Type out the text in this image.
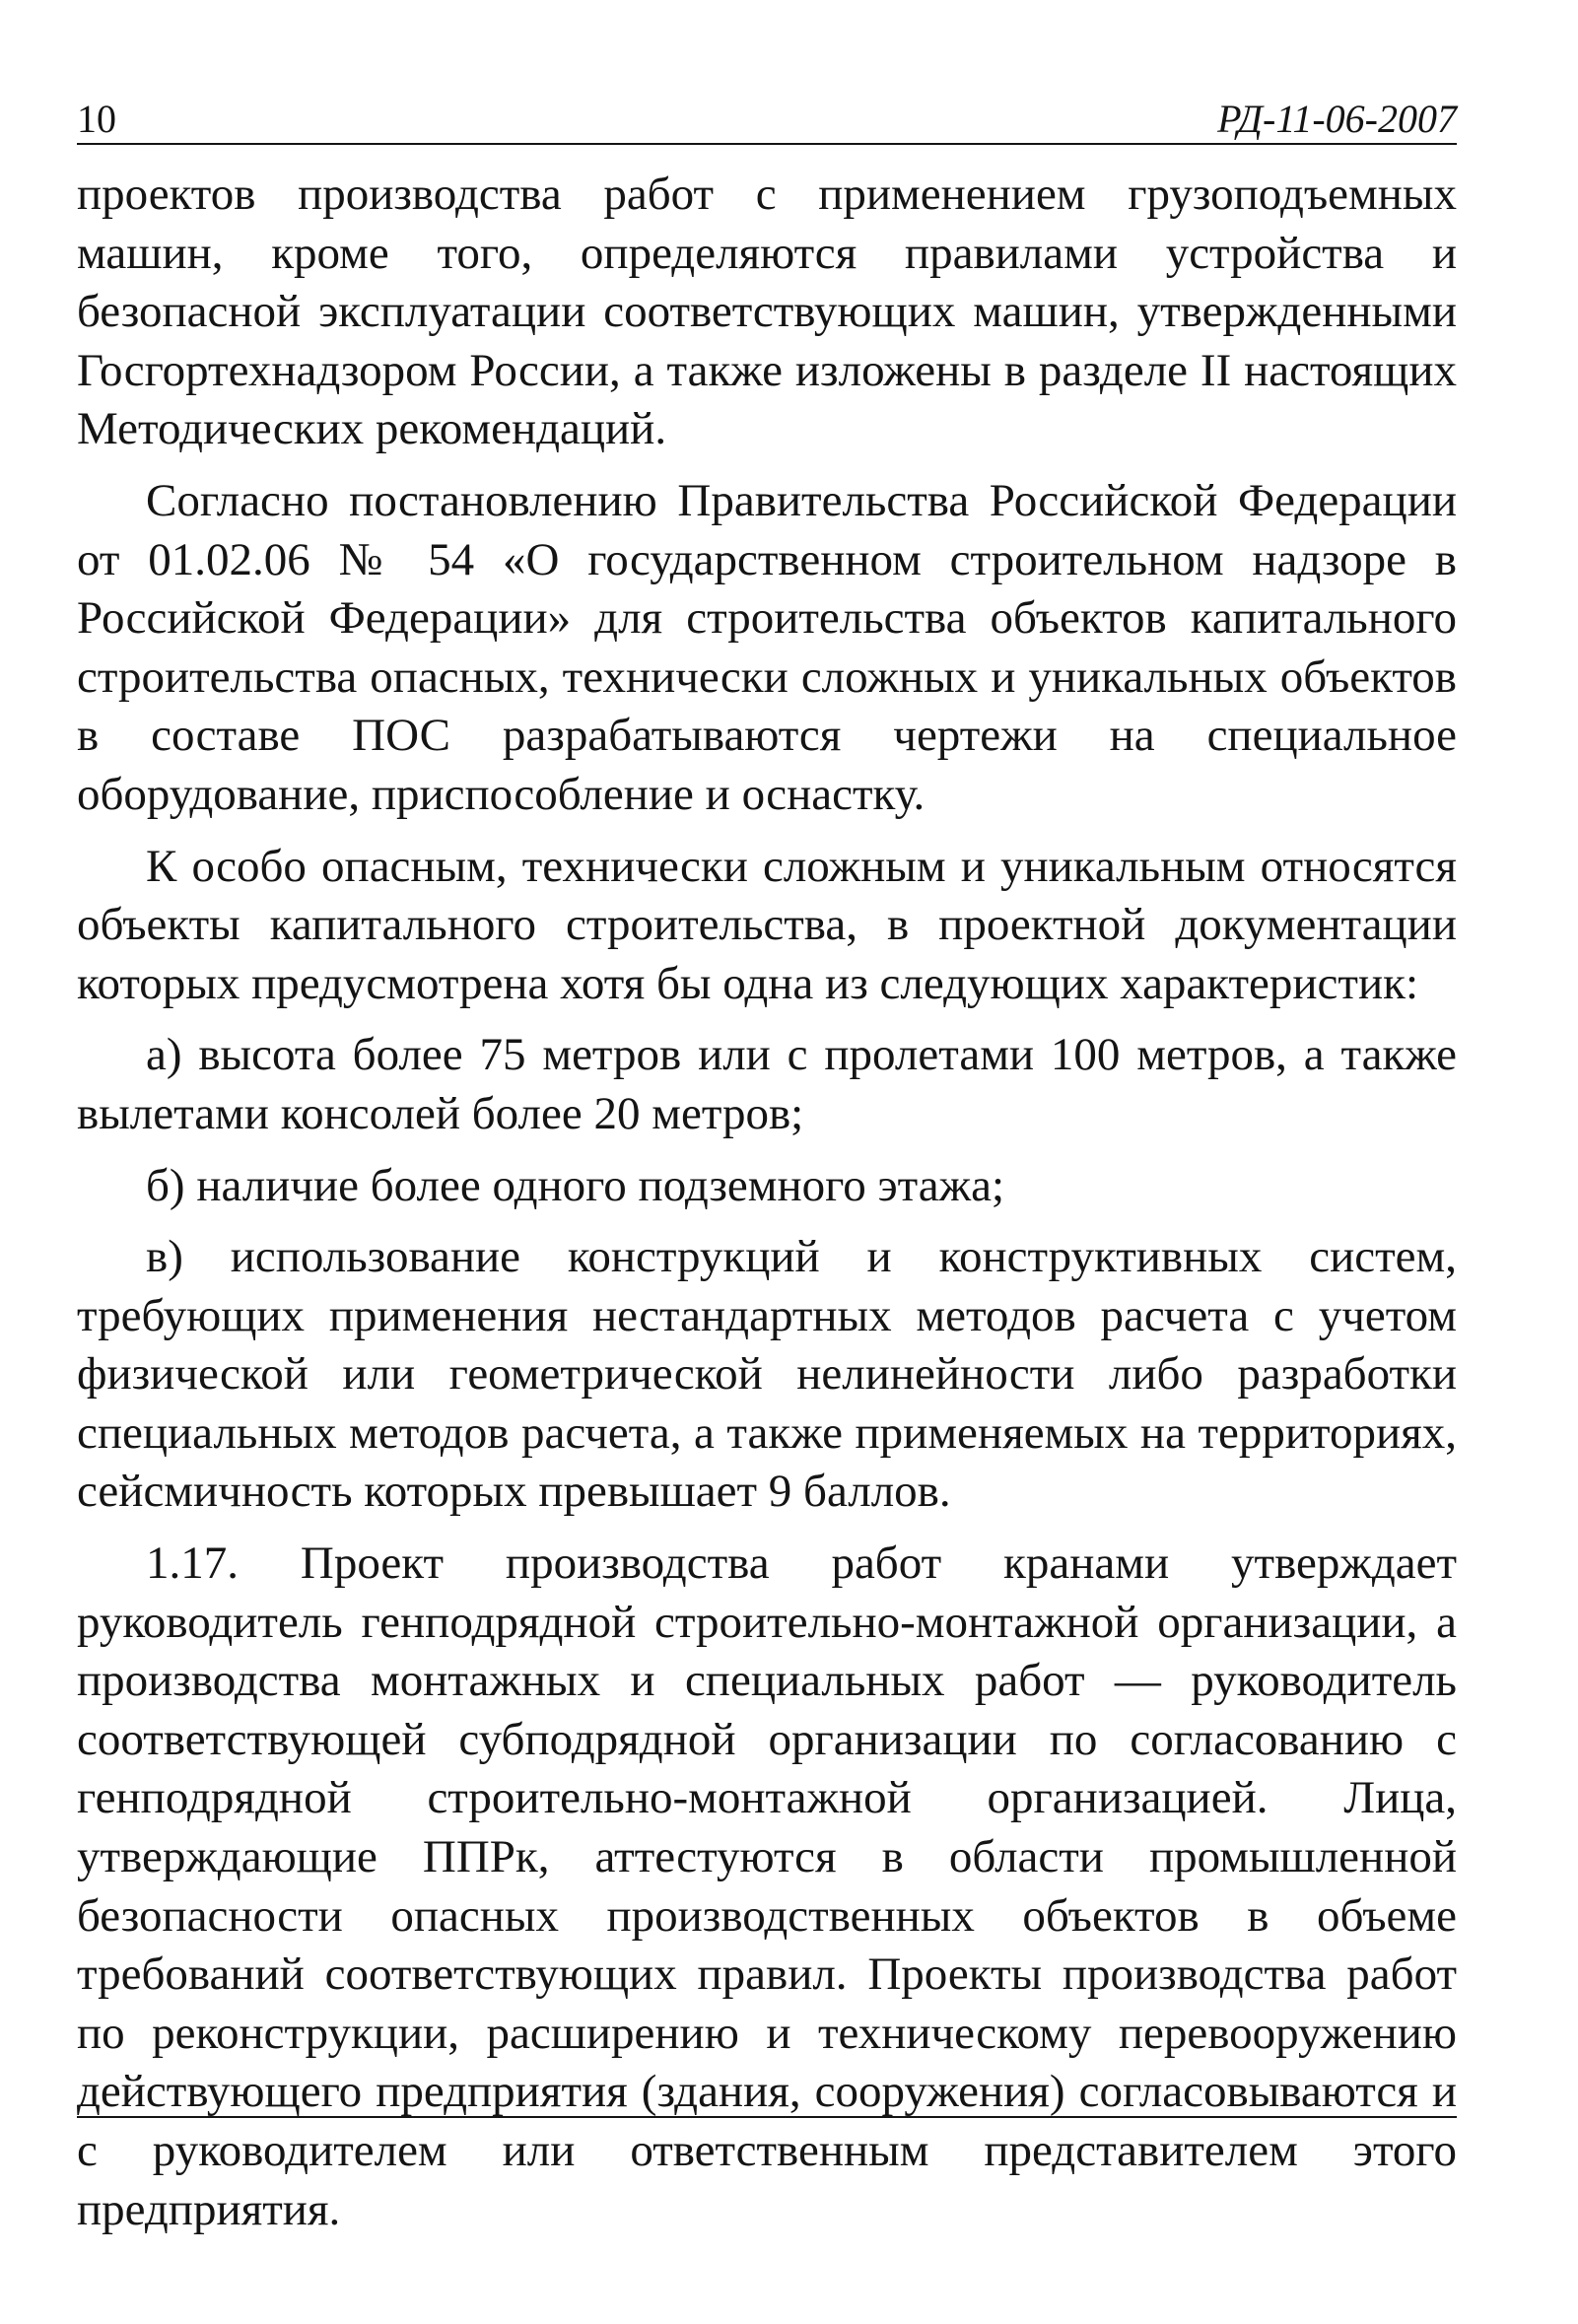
10	РД-11-06-2007

проектов производства работ с применением грузоподъемных машин, кроме того, определяются правилами устройства и безопасной эксплуатации соответствующих машин, утвержденными Госгортехнадзором России, а также изложены в разделе II настоящих Методических рекомендаций.

Согласно постановлению Правительства Российской Федерации от 01.02.06 № 54 «О государственном строительном надзоре в Российской Федерации» для строительства объектов капитального строительства опасных, технически сложных и уникальных объектов в составе ПОС разрабатываются чертежи на специальное оборудование, приспособление и оснастку.

К особо опасным, технически сложным и уникальным относятся объекты капитального строительства, в проектной документации которых предусмотрена хотя бы одна из следующих характеристик:

а) высота более 75 метров или с пролетами 100 метров, а также вылетами консолей более 20 метров;

б) наличие более одного подземного этажа;

в) использование конструкций и конструктивных систем, требующих применения нестандартных методов расчета с учетом физической или геометрической нелинейности либо разработки специальных методов расчета, а также применяемых на территориях, сейсмичность которых превышает 9 баллов.

1.17. Проект производства работ кранами утверждает руководитель генподрядной строительно-монтажной организации, а производства монтажных и специальных работ — руководитель соответствующей субподрядной организации по согласованию с генподрядной строительно-монтажной организацией. Лица, утверждающие ППРк, аттестуются в области промышленной безопасности опасных производственных объектов в объеме требований соответствующих правил. Проекты производства работ по реконструкции, расширению и техническому перевооружению действующего предприятия (здания, сооружения) согласовываются и с руководителем или ответственным представителем этого предприятия.
